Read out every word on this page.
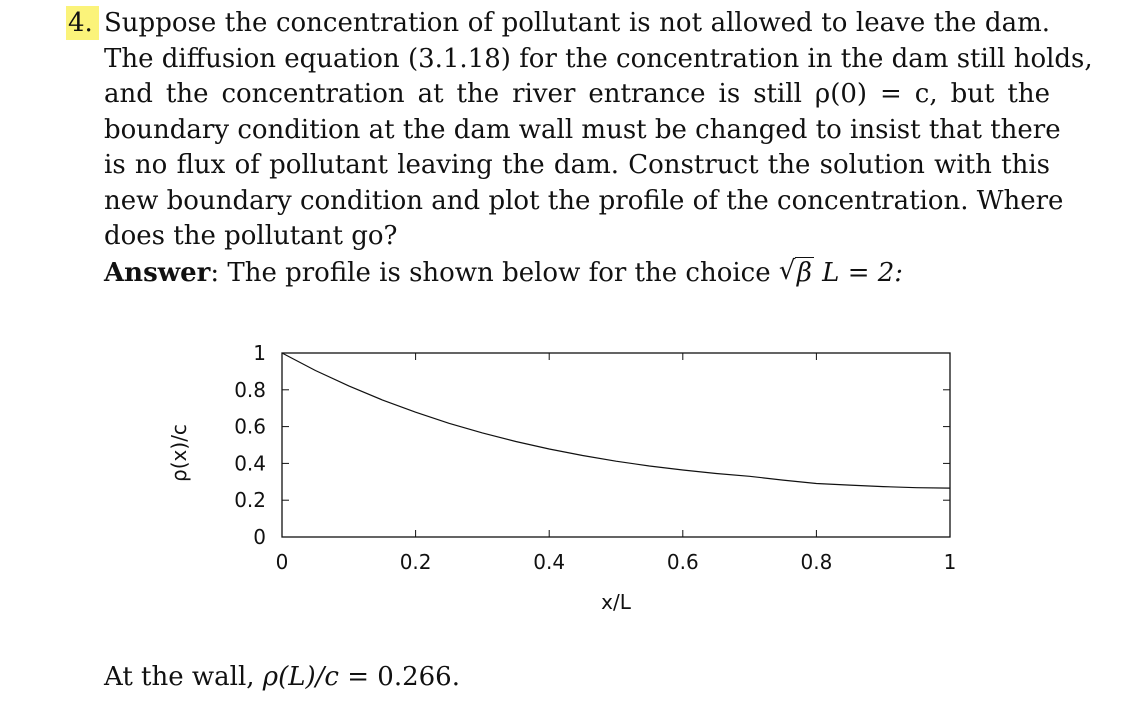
4. Suppose the concentration of pollutant is not allowed to leave the dam.
The diffusion equation (3.1.18) for the concentration in the dam still holds,
and the concentration at the river entrance is still ρ(0) = c, but the
boundary condition at the dam wall must be changed to insist that there
is no flux of pollutant leaving the dam. Construct the solution with this
new boundary condition and plot the profile of the concentration. Where
does the pollutant go?
Answer: The profile is shown below for the choice √ β L = 2:
0	0.2	0.4	0.6	0.8	1
0
0.2
0.4
0.6
0.8
1
x/L
ρ(x)/c
At the wall, ρ(L)/c = 0.266.
